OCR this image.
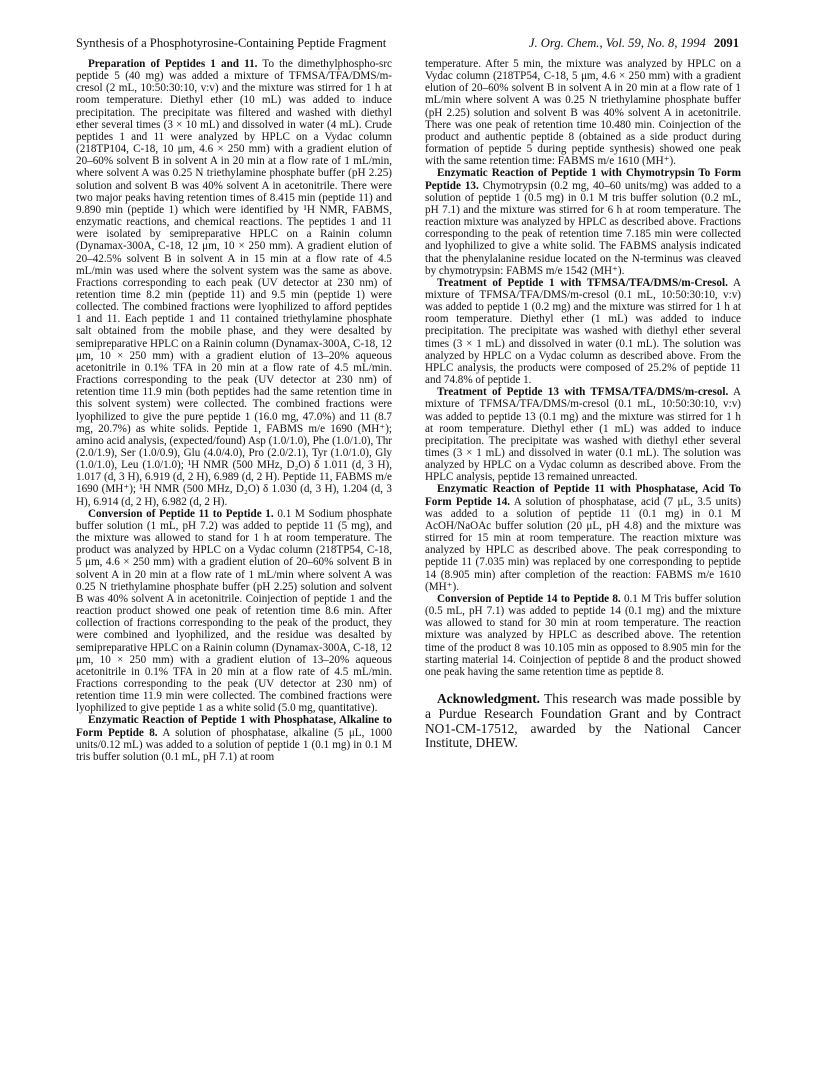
Synthesis of a Phosphotyrosine-Containing Peptide Fragment	J. Org. Chem., Vol. 59, No. 8, 1994 2091

Preparation of Peptides 1 and 11. To the dimethylphospho-src peptide 5 (40 mg) was added a mixture of TFMSA/TFA/DMS/m-cresol (2 mL, 10:50:30:10, v:v) and the mixture was stirred for 1 h at room temperature. Diethyl ether (10 mL) was added to induce precipitation. The precipitate was filtered and washed with diethyl ether several times (3 × 10 mL) and dissolved in water (4 mL). Crude peptides 1 and 11 were analyzed by HPLC on a Vydac column (218TP104, C-18, 10 μm, 4.6 × 250 mm) with a gradient elution of 20–60% solvent B in solvent A in 20 min at a flow rate of 1 mL/min, where solvent A was 0.25 N triethylamine phosphate buffer (pH 2.25) solution and solvent B was 40% solvent A in acetonitrile. There were two major peaks having retention times of 8.415 min (peptide 11) and 9.890 min (peptide 1) which were identified by ¹H NMR, FABMS, enzymatic reactions, and chemical reactions. The peptides 1 and 11 were isolated by semipreparative HPLC on a Rainin column (Dynamax-300A, C-18, 12 μm, 10 × 250 mm). A gradient elution of 20–42.5% solvent B in solvent A in 15 min at a flow rate of 4.5 mL/min was used where the solvent system was the same as above. Fractions corresponding to each peak (UV detector at 230 nm) of retention time 8.2 min (peptide 11) and 9.5 min (peptide 1) were collected. The combined fractions were lyophilized to afford peptides 1 and 11. Each peptide 1 and 11 contained triethylamine phosphate salt obtained from the mobile phase, and they were desalted by semipreparative HPLC on a Rainin column (Dynamax-300A, C-18, 12 μm, 10 × 250 mm) with a gradient elution of 13–20% aqueous acetonitrile in 0.1% TFA in 20 min at a flow rate of 4.5 mL/min. Fractions corresponding to the peak (UV detector at 230 nm) of retention time 11.9 min (both peptides had the same retention time in this solvent system) were collected. The combined fractions were lyophilized to give the pure peptide 1 (16.0 mg, 47.0%) and 11 (8.7 mg, 20.7%) as white solids. Peptide 1, FABMS m/e 1690 (MH⁺); amino acid analysis, (expected/found) Asp (1.0/1.0), Phe (1.0/1.0), Thr (2.0/1.9), Ser (1.0/0.9), Glu (4.0/4.0), Pro (2.0/2.1), Tyr (1.0/1.0), Gly (1.0/1.0), Leu (1.0/1.0); ¹H NMR (500 MHz, D₂O) δ 1.011 (d, 3 H), 1.017 (d, 3 H), 6.919 (d, 2 H), 6.989 (d, 2 H). Peptide 11, FABMS m/e 1690 (MH⁺); ¹H NMR (500 MHz, D₂O) δ 1.030 (d, 3 H), 1.204 (d, 3 H), 6.914 (d, 2 H), 6.982 (d, 2 H).

Conversion of Peptide 11 to Peptide 1. 0.1 M Sodium phosphate buffer solution (1 mL, pH 7.2) was added to peptide 11 (5 mg), and the mixture was allowed to stand for 1 h at room temperature. The product was analyzed by HPLC on a Vydac column (218TP54, C-18, 5 μm, 4.6 × 250 mm) with a gradient elution of 20–60% solvent B in solvent A in 20 min at a flow rate of 1 mL/min where solvent A was 0.25 N triethylamine phosphate buffer (pH 2.25) solution and solvent B was 40% solvent A in acetonitrile. Coinjection of peptide 1 and the reaction product showed one peak of retention time 8.6 min. After collection of fractions corresponding to the peak of the product, they were combined and lyophilized, and the residue was desalted by semipreparative HPLC on a Rainin column (Dynamax-300A, C-18, 12 μm, 10 × 250 mm) with a gradient elution of 13–20% aqueous acetonitrile in 0.1% TFA in 20 min at a flow rate of 4.5 mL/min. Fractions corresponding to the peak (UV detector at 230 nm) of retention time 11.9 min were collected. The combined fractions were lyophilized to give peptide 1 as a white solid (5.0 mg, quantitative).

Enzymatic Reaction of Peptide 1 with Phosphatase, Alkaline to Form Peptide 8. A solution of phosphatase, alkaline (5 μL, 1000 units/0.12 mL) was added to a solution of peptide 1 (0.1 mg) in 0.1 M tris buffer solution (0.1 mL, pH 7.1) at room

temperature. After 5 min, the mixture was analyzed by HPLC on a Vydac column (218TP54, C-18, 5 μm, 4.6 × 250 mm) with a gradient elution of 20–60% solvent B in solvent A in 20 min at a flow rate of 1 mL/min where solvent A was 0.25 N triethylamine phosphate buffer (pH 2.25) solution and solvent B was 40% solvent A in acetonitrile. There was one peak of retention time 10.480 min. Coinjection of the product and authentic peptide 8 (obtained as a side product during formation of peptide 5 during peptide synthesis) showed one peak with the same retention time: FABMS m/e 1610 (MH⁺).

Enzymatic Reaction of Peptide 1 with Chymotrypsin To Form Peptide 13. Chymotrypsin (0.2 mg, 40–60 units/mg) was added to a solution of peptide 1 (0.5 mg) in 0.1 M tris buffer solution (0.2 mL, pH 7.1) and the mixture was stirred for 6 h at room temperature. The reaction mixture was analyzed by HPLC as described above. Fractions corresponding to the peak of retention time 7.185 min were collected and lyophilized to give a white solid. The FABMS analysis indicated that the phenylalanine residue located on the N-terminus was cleaved by chymotrypsin: FABMS m/e 1542 (MH⁺).

Treatment of Peptide 1 with TFMSA/TFA/DMS/m-Cresol. A mixture of TFMSA/TFA/DMS/m-cresol (0.1 mL, 10:50:30:10, v:v) was added to peptide 1 (0.2 mg) and the mixture was stirred for 1 h at room temperature. Diethyl ether (1 mL) was added to induce precipitation. The precipitate was washed with diethyl ether several times (3 × 1 mL) and dissolved in water (0.1 mL). The solution was analyzed by HPLC on a Vydac column as described above. From the HPLC analysis, the products were composed of 25.2% of peptide 11 and 74.8% of peptide 1.

Treatment of Peptide 13 with TFMSA/TFA/DMS/m-cresol. A mixture of TFMSA/TFA/DMS/m-cresol (0.1 mL, 10:50:30:10, v:v) was added to peptide 13 (0.1 mg) and the mixture was stirred for 1 h at room temperature. Diethyl ether (1 mL) was added to induce precipitation. The precipitate was washed with diethyl ether several times (3 × 1 mL) and dissolved in water (0.1 mL). The solution was analyzed by HPLC on a Vydac column as described above. From the HPLC analysis, peptide 13 remained unreacted.

Enzymatic Reaction of Peptide 11 with Phosphatase, Acid To Form Peptide 14. A solution of phosphatase, acid (7 μL, 3.5 units) was added to a solution of peptide 11 (0.1 mg) in 0.1 M AcOH/NaOAc buffer solution (20 μL, pH 4.8) and the mixture was stirred for 15 min at room temperature. The reaction mixture was analyzed by HPLC as described above. The peak corresponding to peptide 11 (7.035 min) was replaced by one corresponding to peptide 14 (8.905 min) after completion of the reaction: FABMS m/e 1610 (MH⁺).

Conversion of Peptide 14 to Peptide 8. 0.1 M Tris buffer solution (0.5 mL, pH 7.1) was added to peptide 14 (0.1 mg) and the mixture was allowed to stand for 30 min at room temperature. The reaction mixture was analyzed by HPLC as described above. The retention time of the product 8 was 10.105 min as opposed to 8.905 min for the starting material 14. Coinjection of peptide 8 and the product showed one peak having the same retention time as peptide 8.

Acknowledgment. This research was made possible by a Purdue Research Foundation Grant and by Contract NO1-CM-17512, awarded by the National Cancer Institute, DHEW.
